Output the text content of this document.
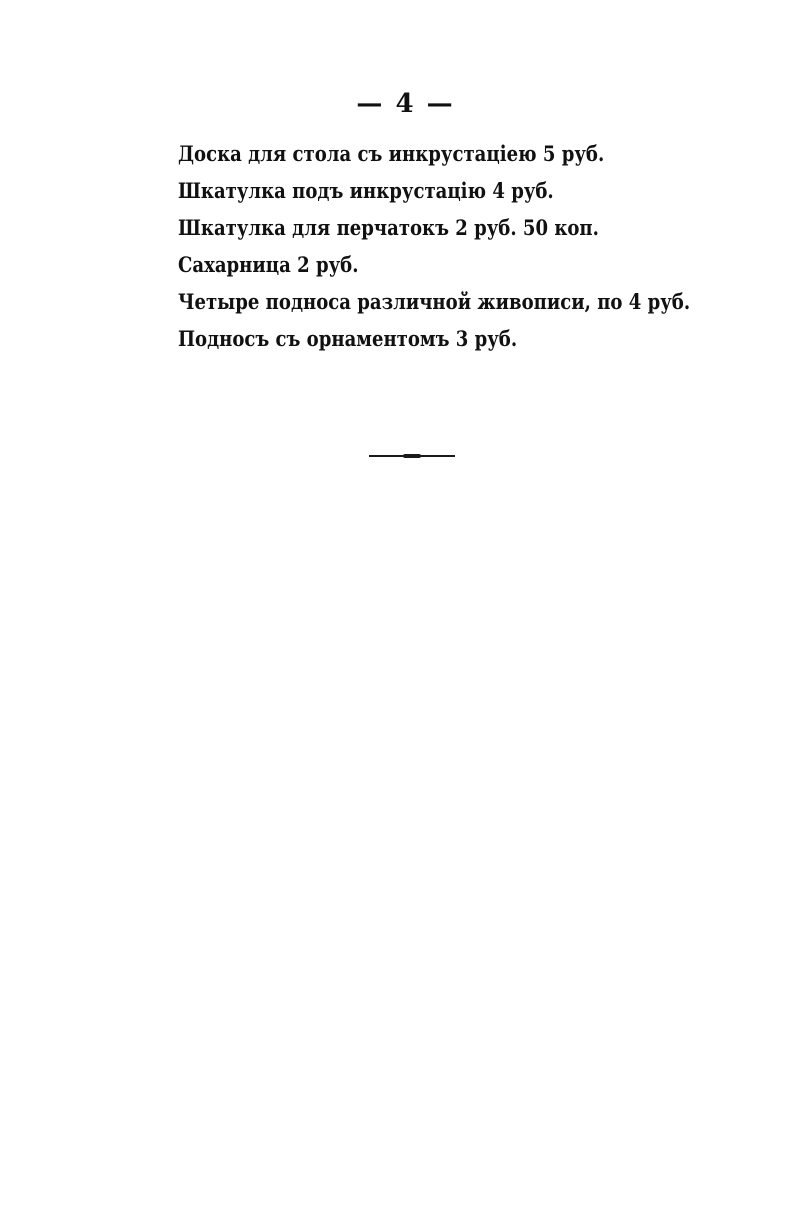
— 4 —
Доска для стола съ инкрустаціею 5 руб.
Шкатулка подъ инкрустацію 4 руб.
Шкатулка для перчатокъ 2 руб. 50 коп.
Сахарница 2 руб.
Четыре подноса различной живописи, по 4 руб.
Подносъ съ орнаментомъ 3 руб.
